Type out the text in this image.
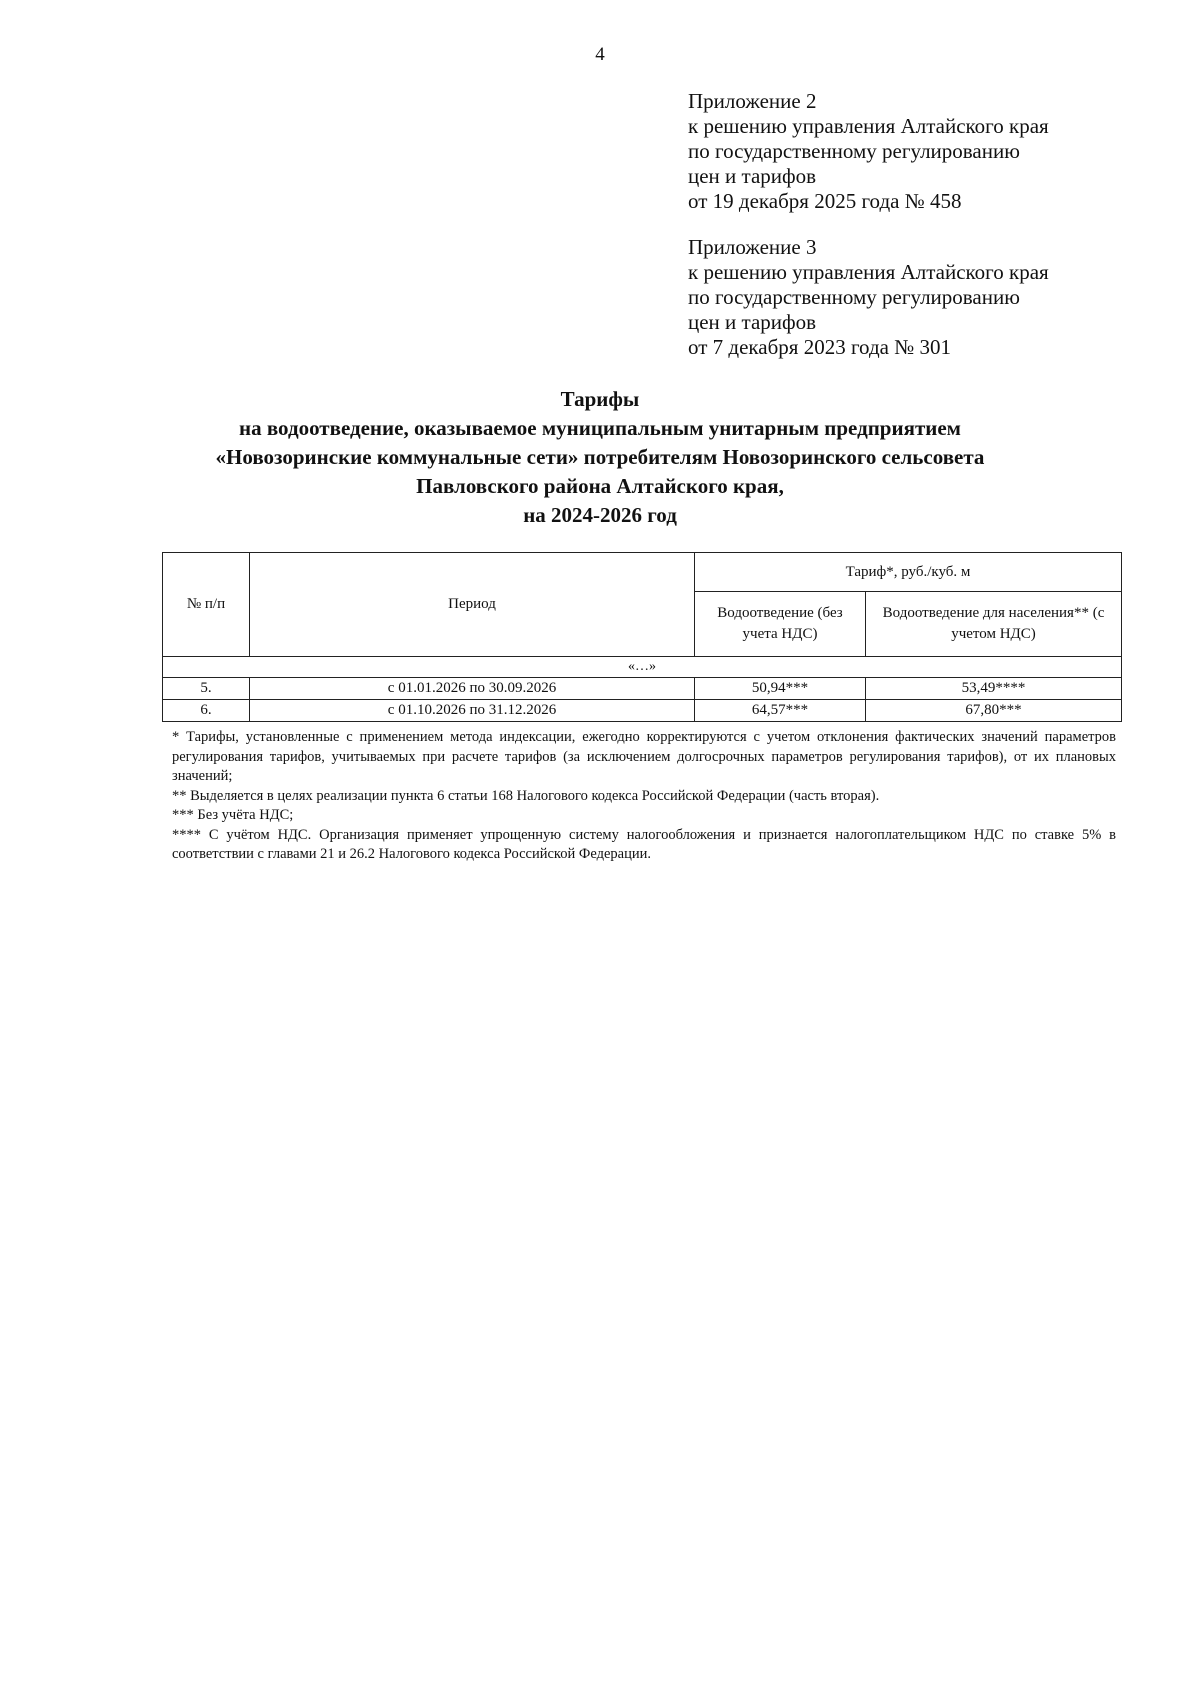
4
Приложение 2
к решению управления Алтайского края
по государственному регулированию
цен и тарифов
от 19 декабря 2025 года № 458
Приложение 3
к решению управления Алтайского края
по государственному регулированию
цен и тарифов
от 7 декабря 2023 года № 301
Тарифы
на водоотведение, оказываемое муниципальным унитарным предприятием
«Новозоринские коммунальные сети» потребителям Новозоринского сельсовета
Павловского района Алтайского края,
на 2024-2026 год
№ п/п	Период	Тариф*, руб./куб. м	
		Водоотведение (без учета НДС)	Водоотведение для населения** (с учетом НДС)
«…»			
5.	с 01.01.2026 по 30.09.2026	50,94***	53,49****
6.	с 01.10.2026 по 31.12.2026	64,57***	67,80***

* Тарифы, установленные с применением метода индексации, ежегодно корректируются с учетом отклонения фактических значений параметров регулирования тарифов, учитываемых при расчете тарифов (за исключением долгосрочных параметров регулирования тарифов), от их плановых значений;

** Выделяется в целях реализации пункта 6 статьи 168 Налогового кодекса Российской Федерации (часть вторая).

*** Без учёта НДС;

**** С учётом НДС. Организация применяет упрощенную систему налогообложения и признается налогоплательщиком НДС по ставке 5% в соответствии с главами 21 и 26.2 Налогового кодекса Российской Федерации.
